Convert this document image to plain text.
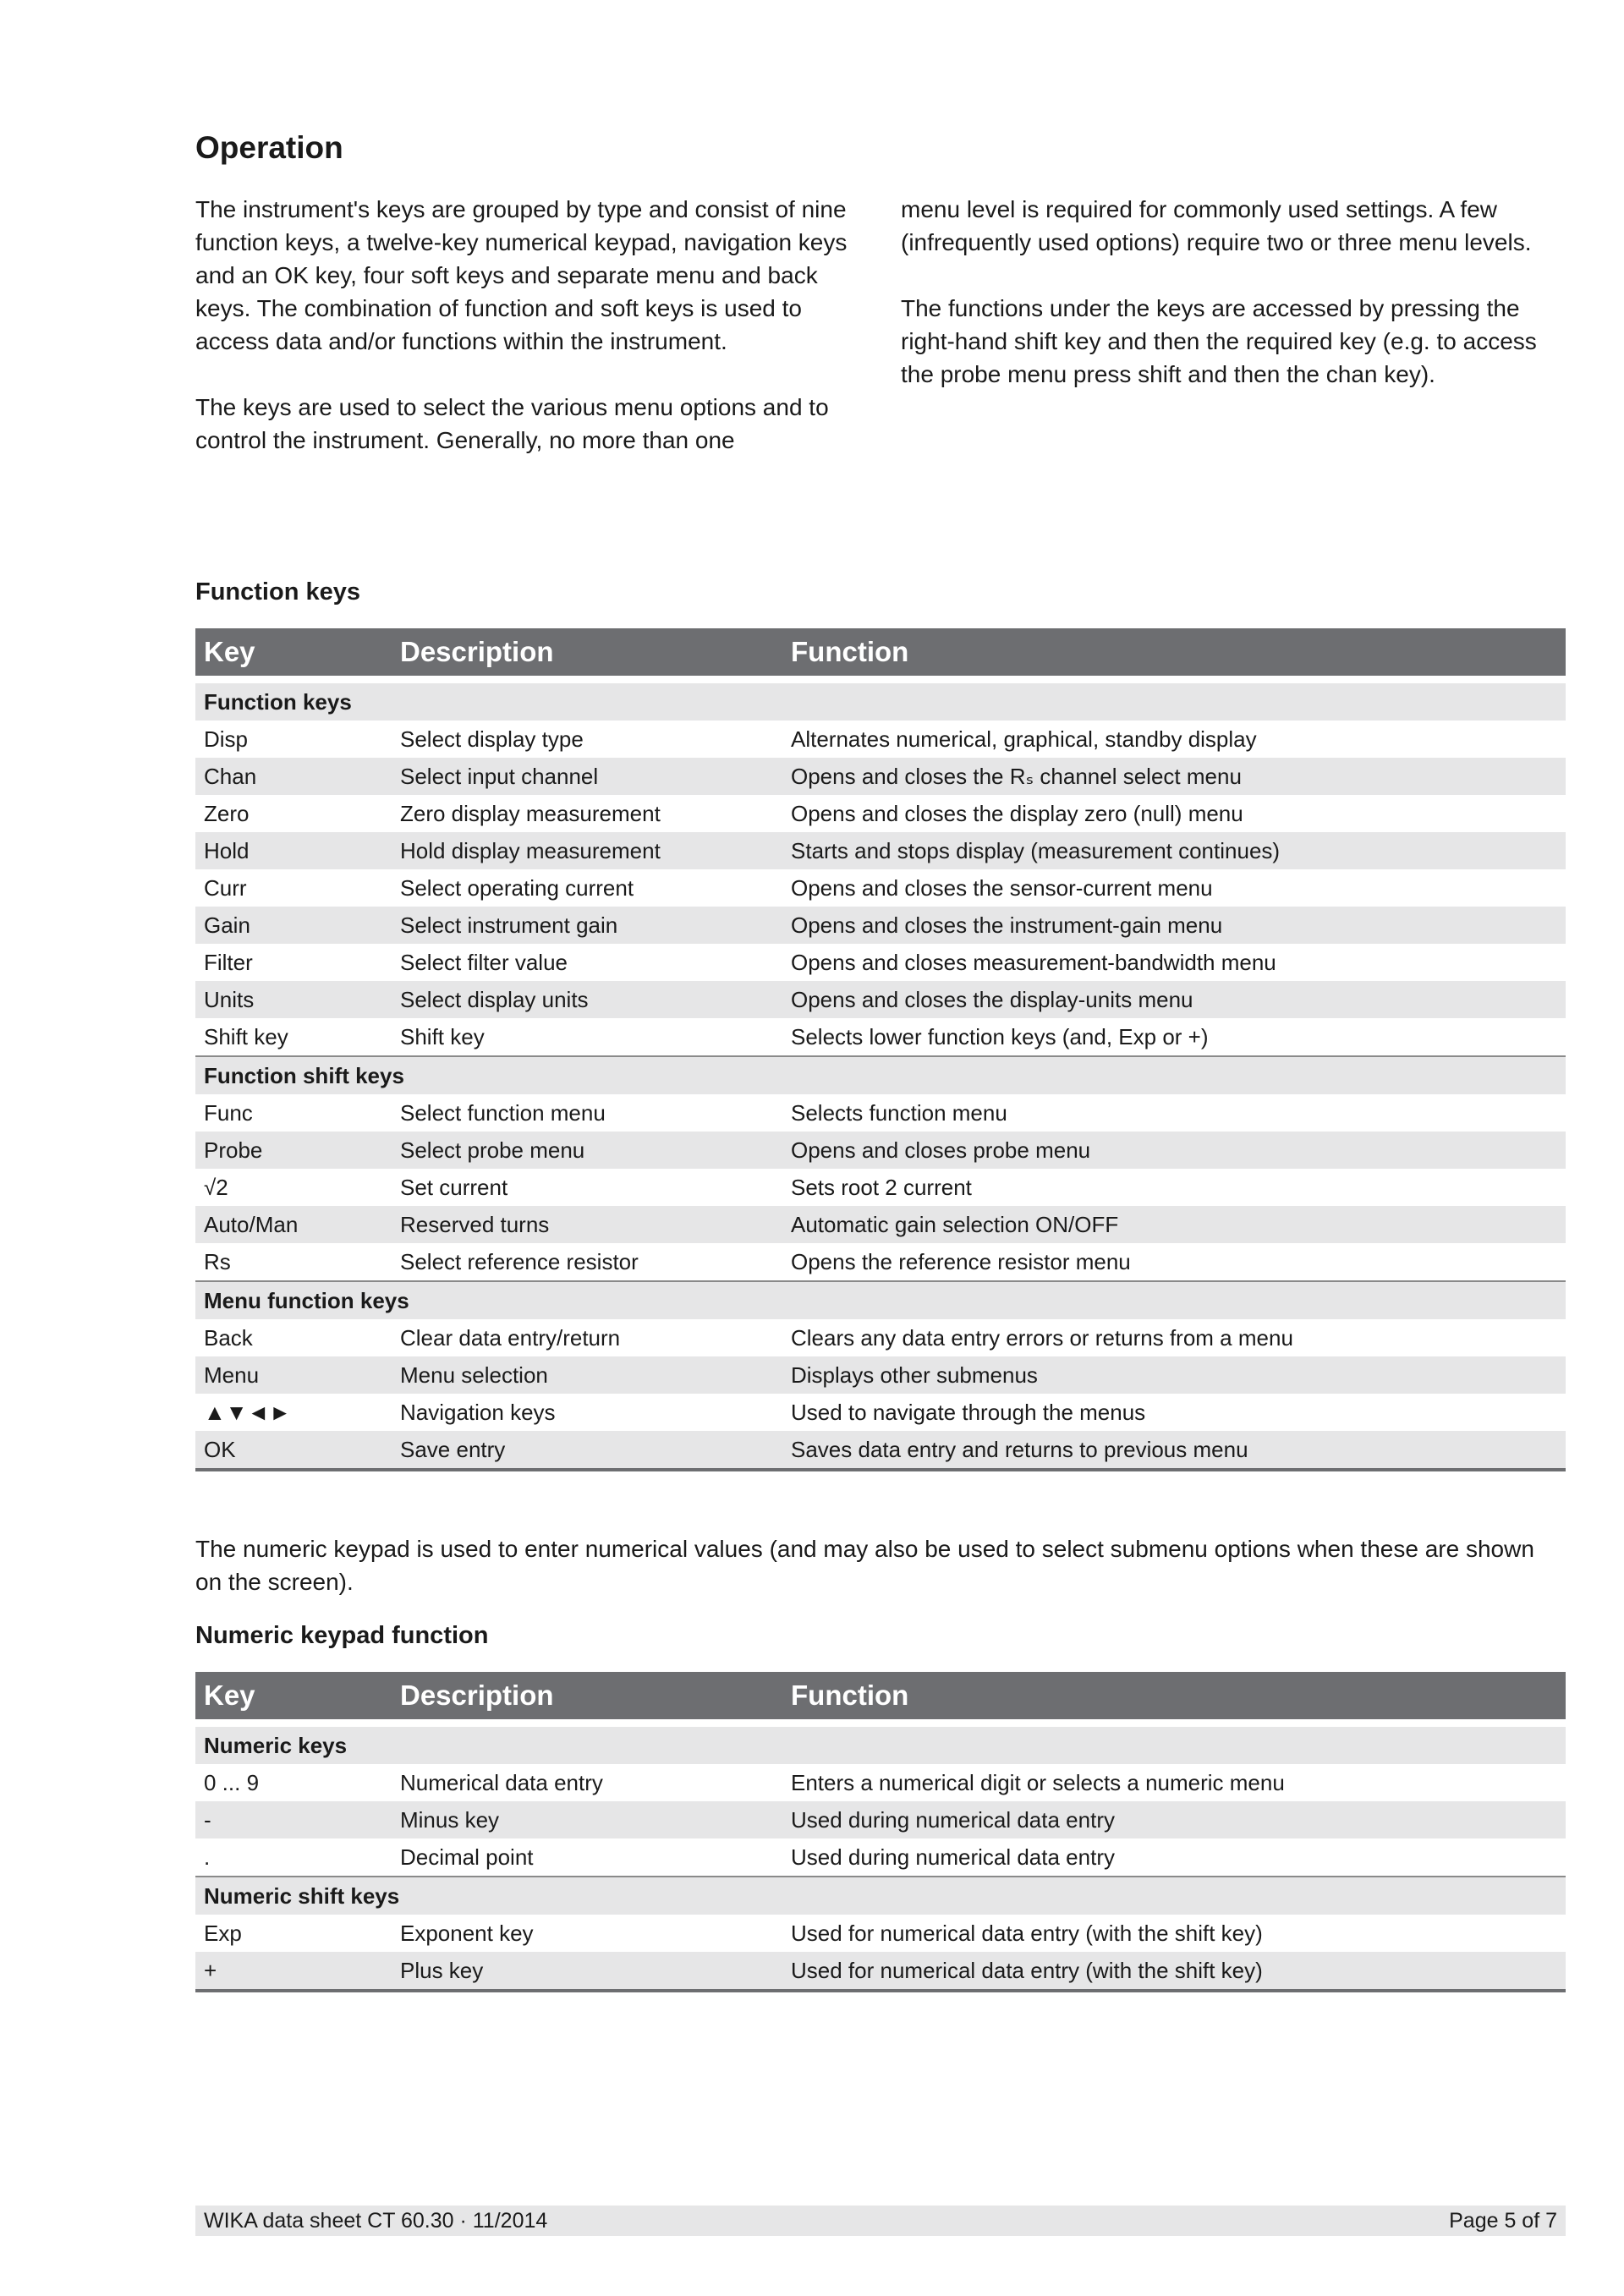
Operation

The instrument's keys are grouped by type and consist of nine function keys, a twelve-key numerical keypad, navigation keys and an OK key, four soft keys and separate menu and back keys. The combination of function and soft keys is used to access data and/or functions within the instrument.

The keys are used to select the various menu options and to control the instrument. Generally, no more than one

menu level is required for commonly used settings. A few (infrequently used options) require two or three menu levels.

The functions under the keys are accessed by pressing the right-hand shift key and then the required key (e.g. to access the probe menu press shift and then the chan key).

Function keys
Key	Description	Function

Function keys		
Disp	Select display type	Alternates numerical, graphical, standby display
Chan	Select input channel	Opens and closes the Rₛ channel select menu
Zero	Zero display measurement	Opens and closes the display zero (null) menu
Hold	Hold display measurement	Starts and stops display (measurement continues)
Curr	Select operating current	Opens and closes the sensor-current menu
Gain	Select instrument gain	Opens and closes the instrument-gain menu
Filter	Select filter value	Opens and closes measurement-bandwidth menu
Units	Select display units	Opens and closes the display-units menu
Shift key	Shift key	Selects lower function keys (and, Exp or +)
Function shift keys		
Func	Select function menu	Selects function menu
Probe	Select probe menu	Opens and closes probe menu
√2	Set current	Sets root 2 current
Auto/Man	Reserved turns	Automatic gain selection ON/OFF
Rs	Select reference resistor	Opens the reference resistor menu
Menu function keys		
Back	Clear data entry/return	Clears any data entry errors or returns from a menu
Menu	Menu selection	Displays other submenus
▲▼◄►	Navigation keys	Used to navigate through the menus
OK	Save entry	Saves data entry and returns to previous menu

The numeric keypad is used to enter numerical values (and may also be used to select submenu options when these are shown on the screen).

Numeric keypad function
Key	Description	Function

Numeric keys		
0 ... 9	Numerical data entry	Enters a numerical digit or selects a numeric menu
-	Minus key	Used during numerical data entry
.	Decimal point	Used during numerical data entry
Numeric shift keys		
Exp	Exponent key	Used for numerical data entry (with the shift key)
+	Plus key	Used for numerical data entry (with the shift key)
WIKA data sheet CT 60.30 · 11/2014	Page 5 of 7
